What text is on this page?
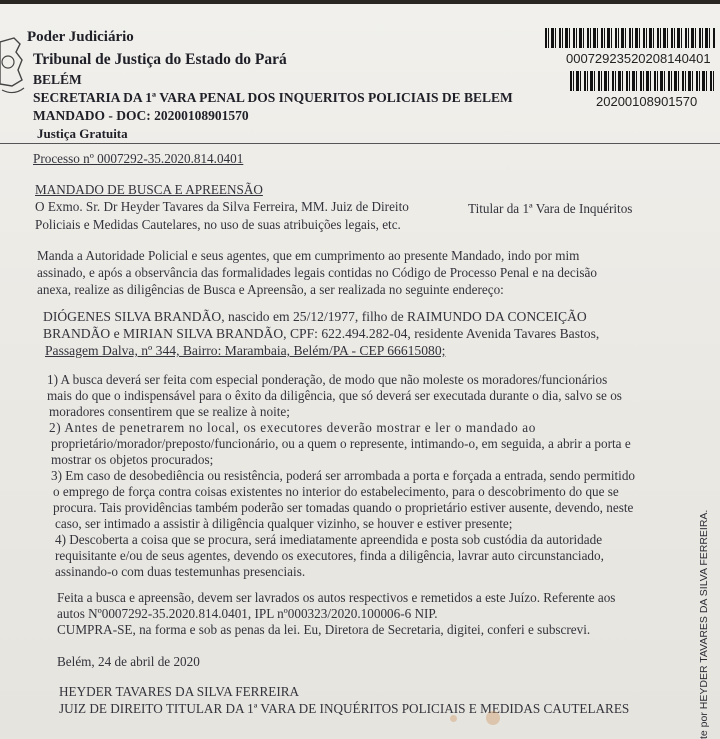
Poder Judiciário
Tribunal de Justiça do Estado do Pará
BELÉM
SECRETARIA DA 1ª VARA PENAL DOS INQUERITOS POLICIAIS DE BELEM
MANDADO - DOC: 20200108901570
Justiça Gratuita
00072923520208140401
20200108901570
Processo nº 0007292-35.2020.814.0401
MANDADO DE BUSCA E APREENSÃO
O Exmo. Sr. Dr Heyder Tavares da Silva Ferreira, MM. Juiz de Direito	Titular da 1ª Vara de Inquéritos
Policiais e Medidas Cautelares, no uso de suas atribuições legais, etc.
Manda a Autoridade Policial e seus agentes, que em cumprimento ao presente Mandado, indo por mim
assinado, e após a observância das formalidades legais contidas no Código de Processo Penal e na decisão
anexa, realize as diligências de Busca e Apreensão, a ser realizada no seguinte endereço:
DIÓGENES SILVA BRANDÃO, nascido em 25/12/1977, filho de RAIMUNDO DA CONCEIÇÃO
BRANDÃO e MIRIAN SILVA BRANDÃO, CPF: 622.494.282-04, residente Avenida Tavares Bastos,
Passagem Dalva, nº 344, Bairro: Marambaia, Belém/PA - CEP 66615080;
1) A busca deverá ser feita com especial ponderação, de modo que não moleste os moradores/funcionários
mais do que o indispensável para o êxito da diligência, que só deverá ser executada durante o dia, salvo se os
moradores consentirem que se realize à noite;
2) Antes de penetrarem no local, os executores deverão mostrar e ler o mandado ao
proprietário/morador/preposto/funcionário, ou a quem o represente, intimando-o, em seguida, a abrir a porta e
mostrar os objetos procurados;
3) Em caso de desobediência ou resistência, poderá ser arrombada a porta e forçada a entrada, sendo permitido
o emprego de força contra coisas existentes no interior do estabelecimento, para o descobrimento do que se
procura. Tais providências também poderão ser tomadas quando o proprietário estiver ausente, devendo, neste
caso, ser intimado a assistir à diligência qualquer vizinho, se houver e estiver presente;
4) Descoberta a coisa que se procura, será imediatamente apreendida e posta sob custódia da autoridade
requisitante e/ou de seus agentes, devendo os executores, finda a diligência, lavrar auto circunstanciado,
assinando-o com duas testemunhas presenciais.
Feita a busca e apreensão, devem ser lavrados os autos respectivos e remetidos a este Juízo. Referente aos
autos Nº0007292-35.2020.814.0401, IPL nº000323/2020.100006-6 NIP.
CUMPRA-SE, na forma e sob as penas da lei. Eu, Diretora de Secretaria, digitei, conferi e subscrevi.
Belém, 24 de abril de 2020
HEYDER TAVARES DA SILVA FERREIRA
JUIZ DE DIREITO TITULAR DA 1ª VARA DE INQUÉRITOS POLICIAIS E MEDIDAS CAUTELARES	te por HEYDER TAVARES DA SILVA FERREIRA.
